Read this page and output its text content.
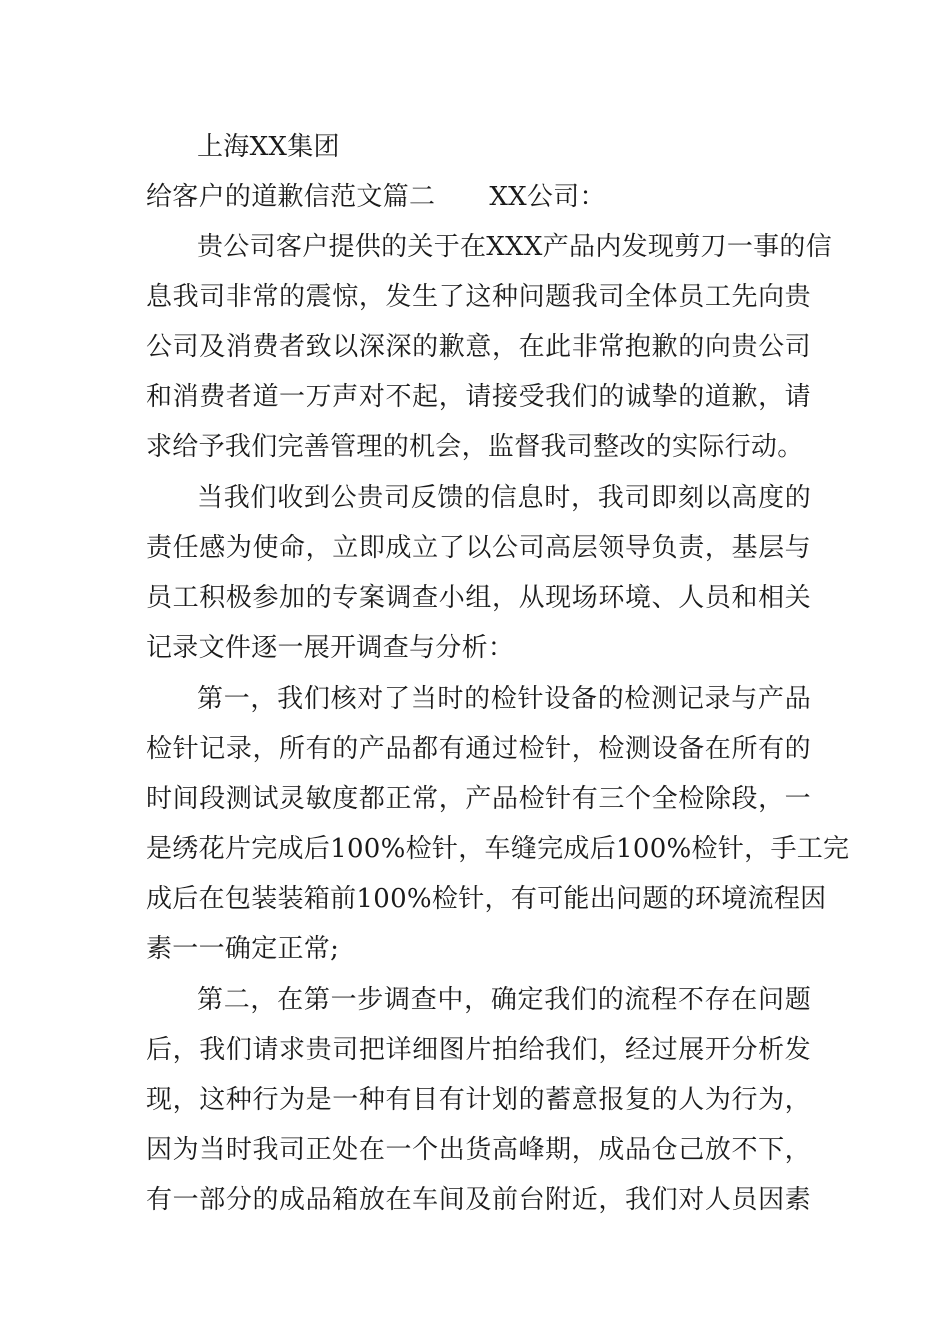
上海XX集团
给客户的道歉信范文篇二 XX公司：
贵公司客户提供的关于在XXX产品内发现剪刀一事的信
息我司非常的震惊，发生了这种问题我司全体员工先向贵
公司及消费者致以深深的歉意，在此非常抱歉的向贵公司
和消费者道一万声对不起，请接受我们的诚挚的道歉，请
求给予我们完善管理的机会，监督我司整改的实际行动。
当我们收到公贵司反馈的信息时，我司即刻以高度的
责任感为使命，立即成立了以公司高层领导负责，基层与
员工积极参加的专案调查小组，从现场环境、人员和相关
记录文件逐一展开调查与分析：
第一，我们核对了当时的检针设备的检测记录与产品
检针记录，所有的产品都有通过检针，检测设备在所有的
时间段测试灵敏度都正常，产品检针有三个全检除段，一
是绣花片完成后100%检针，车缝完成后100%检针，手工完
成后在包装装箱前100%检针，有可能出问题的环境流程因
素一一确定正常;
第二，在第一步调查中，确定我们的流程不存在问题
后，我们请求贵司把详细图片拍给我们，经过展开分析发
现，这种行为是一种有目有计划的蓄意报复的人为行为，
因为当时我司正处在一个出货高峰期，成品仓己放不下，
有一部分的成品箱放在车间及前台附近，我们对人员因素
